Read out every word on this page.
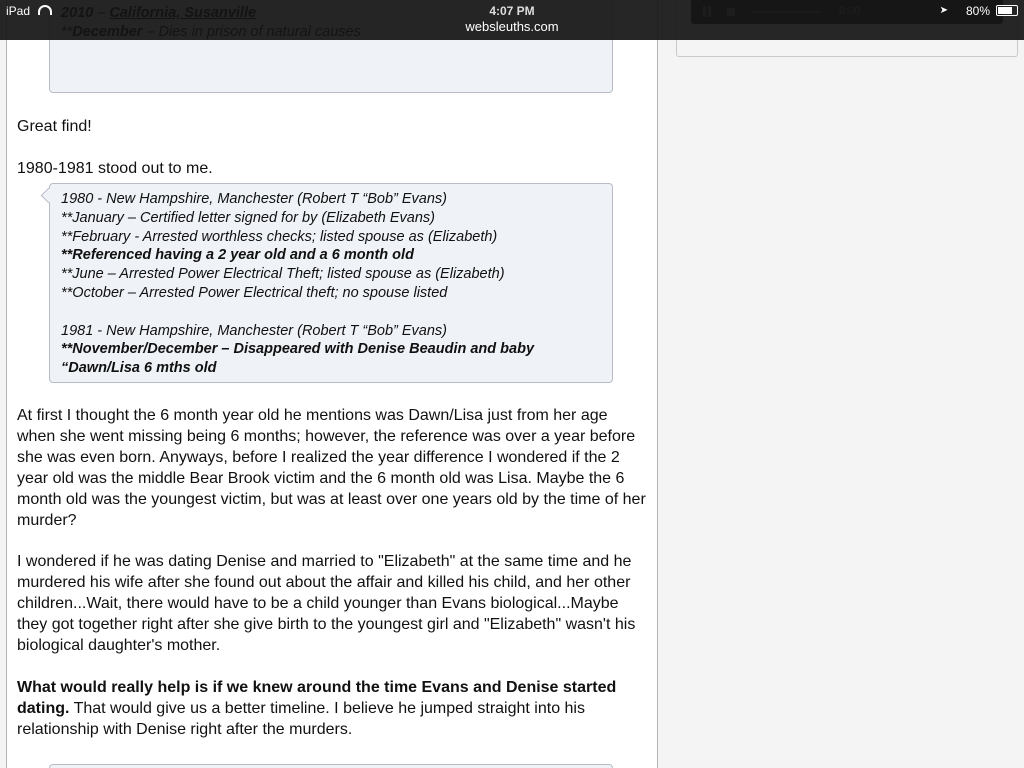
Great find!

1980-1981 stood out to me.

1980 - New Hampshire, Manchester (Robert T “Bob” Evans)
**January – Certified letter signed for by (Elizabeth Evans)
**February - Arrested worthless checks; listed spouse as (Elizabeth)
**Referenced having a 2 year old and a 6 month old
**June – Arrested Power Electrical Theft; listed spouse as (Elizabeth)
**October – Arrested Power Electrical theft; no spouse listed
1981 - New Hampshire, Manchester (Robert T “Bob” Evans)
**November/December – Disappeared with Denise Beaudin and baby
“Dawn/Lisa 6 mths old

At first I thought the 6 month year old he mentions was Dawn/Lisa just from her age when she went missing being 6 months; however, the reference was over a year before she was even born. Anyways, before I realized the year difference I wondered if the 2 year old was the middle Bear Brook victim and the 6 month old was Lisa. Maybe the 6 month old was the youngest victim, but was at least over one years old by the time of her murder?

I wondered if he was dating Denise and married to "Elizabeth" at the same time and he murdered his wife after she found out about the affair and killed his child, and her other children...Wait, there would have to be a child younger than Evans biological...Maybe they got together right after she give birth to the youngest girl and "Elizabeth" wasn't his biological daughter's mother.

What would really help is if we knew around the time Evans and Denise started dating. That would give us a better timeline. I believe he jumped straight into his relationship with Denise right after the murders.

iPad	4:07 PM
websleuths.com
➤ 80%
